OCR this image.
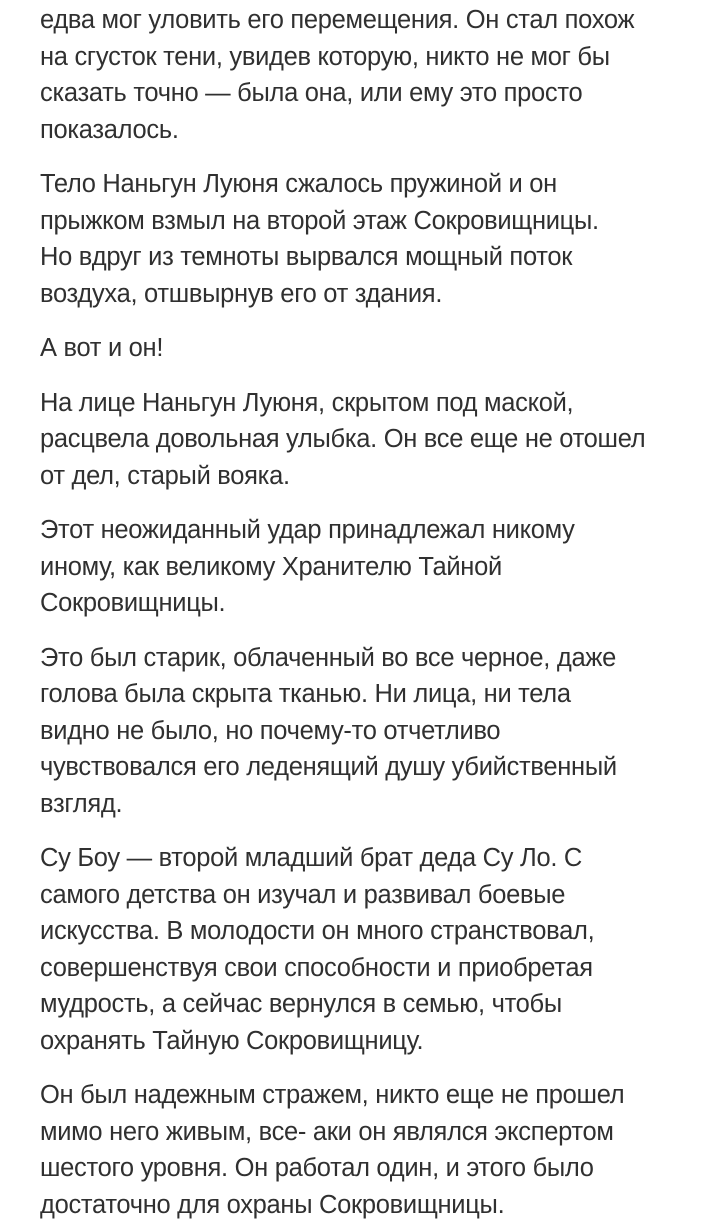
едва мог уловить его перемещения. Он стал похож
на сгусток тени, увидев которую, никто не мог бы
сказать точно — была она, или ему это просто
показалось.

Тело Наньгун Луюня сжалось пружиной и он
прыжком взмыл на второй этаж Сокровищницы.
Но вдруг из темноты вырвался мощный поток
воздуха, отшвырнув его от здания.

А вот и он!

На лице Наньгун Луюня, скрытом под маской,
расцвела довольная улыбка. Он все еще не отошел
от дел, старый вояка.

Этот неожиданный удар принадлежал никому
иному, как великому Хранителю Тайной
Сокровищницы.

Это был старик, облаченный во все черное, даже
голова была скрыта тканью. Ни лица, ни тела
видно не было, но почему-то отчетливо
чувствовался его леденящий душу убийственный
взгляд.

Су Боу — второй младший брат деда Су Ло. С
самого детства он изучал и развивал боевые
искусства. В молодости он много странствовал,
совершенствуя свои способности и приобретая
мудрость, а сейчас вернулся в семью, чтобы
охранять Тайную Сокровищницу.

Он был надежным стражем, никто еще не прошел
мимо него живым, все- аки он являлся экспертом
шестого уровня. Он работал один, и этого было
достаточно для охраны Сокровищницы.
